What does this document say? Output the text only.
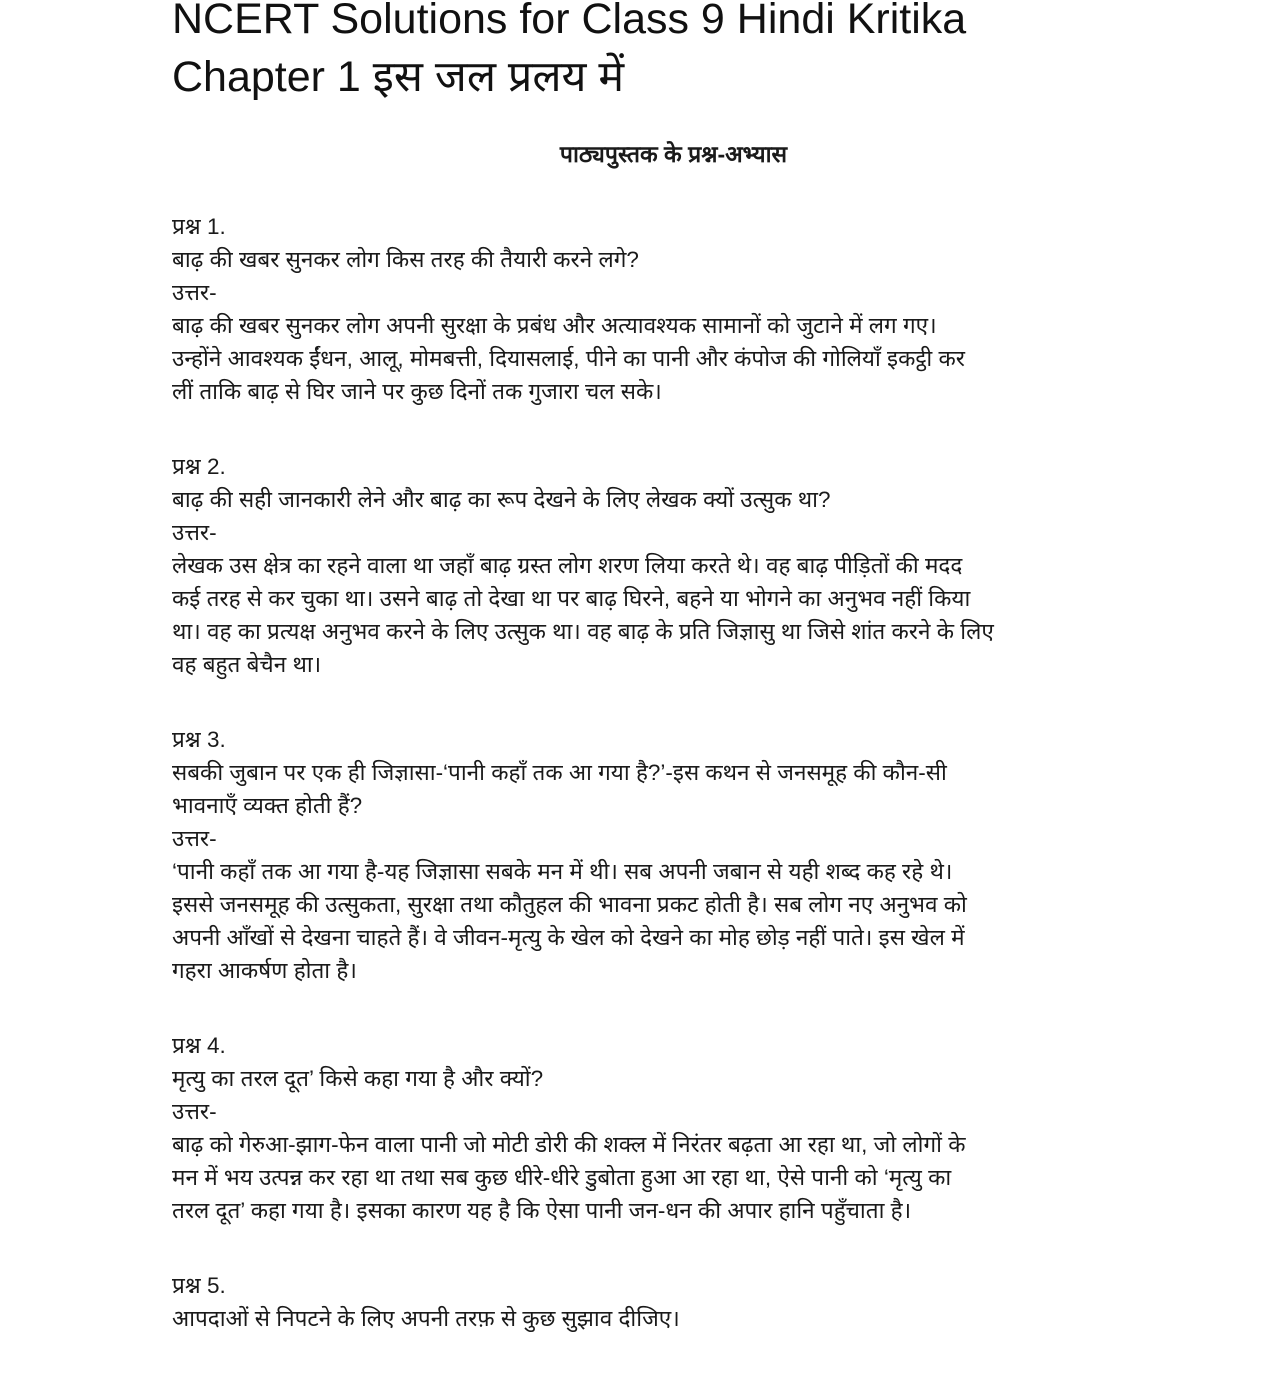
NCERT Solutions for Class 9 Hindi Kritika
Chapter 1 इस जल प्रलय में
पाठ्यपुस्तक के प्रश्न-अभ्यास
प्रश्न 1.
बाढ़ की खबर सुनकर लोग किस तरह की तैयारी करने लगे?
उत्तर-
बाढ़ की खबर सुनकर लोग अपनी सुरक्षा के प्रबंध और अत्यावश्यक सामानों को जुटाने में लग गए।
उन्होंने आवश्यक ईंधन, आलू, मोमबत्ती, दियासलाई, पीने का पानी और कंपोज की गोलियाँ इकट्ठी कर
लीं ताकि बाढ़ से घिर जाने पर कुछ दिनों तक गुजारा चल सके।
प्रश्न 2.
बाढ़ की सही जानकारी लेने और बाढ़ का रूप देखने के लिए लेखक क्यों उत्सुक था?
उत्तर-
लेखक उस क्षेत्र का रहने वाला था जहाँ बाढ़ ग्रस्त लोग शरण लिया करते थे। वह बाढ़ पीड़ितों की मदद
कई तरह से कर चुका था। उसने बाढ़ तो देखा था पर बाढ़ घिरने, बहने या भोगने का अनुभव नहीं किया
था। वह का प्रत्यक्ष अनुभव करने के लिए उत्सुक था। वह बाढ़ के प्रति जिज्ञासु था जिसे शांत करने के लिए
वह बहुत बेचैन था।
प्रश्न 3.
सबकी जुबान पर एक ही जिज्ञासा-‘पानी कहाँ तक आ गया है?’-इस कथन से जनसमूह की कौन-सी
भावनाएँ व्यक्त होती हैं?
उत्तर-
‘पानी कहाँ तक आ गया है-यह जिज्ञासा सबके मन में थी। सब अपनी जबान से यही शब्द कह रहे थे।
इससे जनसमूह की उत्सुकता, सुरक्षा तथा कौतुहल की भावना प्रकट होती है। सब लोग नए अनुभव को
अपनी आँखों से देखना चाहते हैं। वे जीवन-मृत्यु के खेल को देखने का मोह छोड़ नहीं पाते। इस खेल में
गहरा आकर्षण होता है।
प्रश्न 4.
मृत्यु का तरल दूत’ किसे कहा गया है और क्यों?
उत्तर-
बाढ़ को गेरुआ-झाग-फेन वाला पानी जो मोटी डोरी की शक्ल में निरंतर बढ़ता आ रहा था, जो लोगों के
मन में भय उत्पन्न कर रहा था तथा सब कुछ धीरे-धीरे डुबोता हुआ आ रहा था, ऐसे पानी को ‘मृत्यु का
तरल दूत’ कहा गया है। इसका कारण यह है कि ऐसा पानी जन-धन की अपार हानि पहुँचाता है।
प्रश्न 5.
आपदाओं से निपटने के लिए अपनी तरफ़ से कुछ सुझाव दीजिए।
